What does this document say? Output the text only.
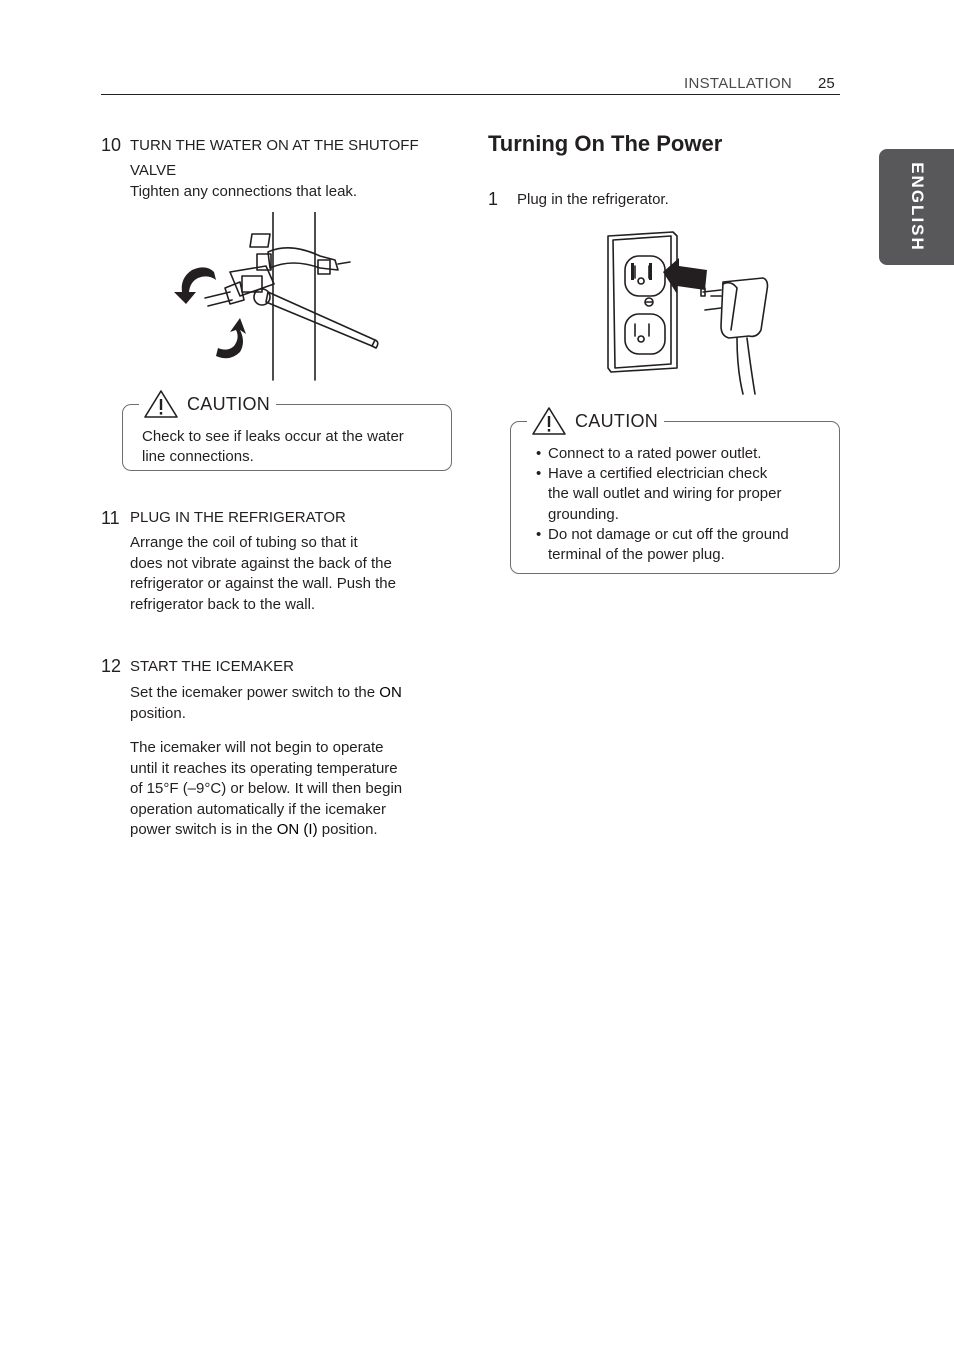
INSTALLATION 25
ENGLISH
10 TURN THE WATER ON AT THE SHUTOFF
VALVE
Tighten any connections that leak.
CAUTION
Check to see if leaks occur at the water
line connections.
11 PLUG IN THE REFRIGERATOR
Arrange the coil of tubing so that it
does not vibrate against the back of the
refrigerator or against the wall. Push the
refrigerator back to the wall.
12 START THE ICEMAKER
Set the icemaker power switch to the ON
position.
The icemaker will not begin to operate
until it reaches its operating temperature
of 15°F (–9°C) or below. It will then begin
operation automatically if the icemaker
power switch is in the ON (I) position.
Turning On The Power
1 Plug in the refrigerator.
CAUTION
• Connect to a rated power outlet.
• Have a certified electrician check
the wall outlet and wiring for proper
grounding.
• Do not damage or cut off the ground
terminal of the power plug.
